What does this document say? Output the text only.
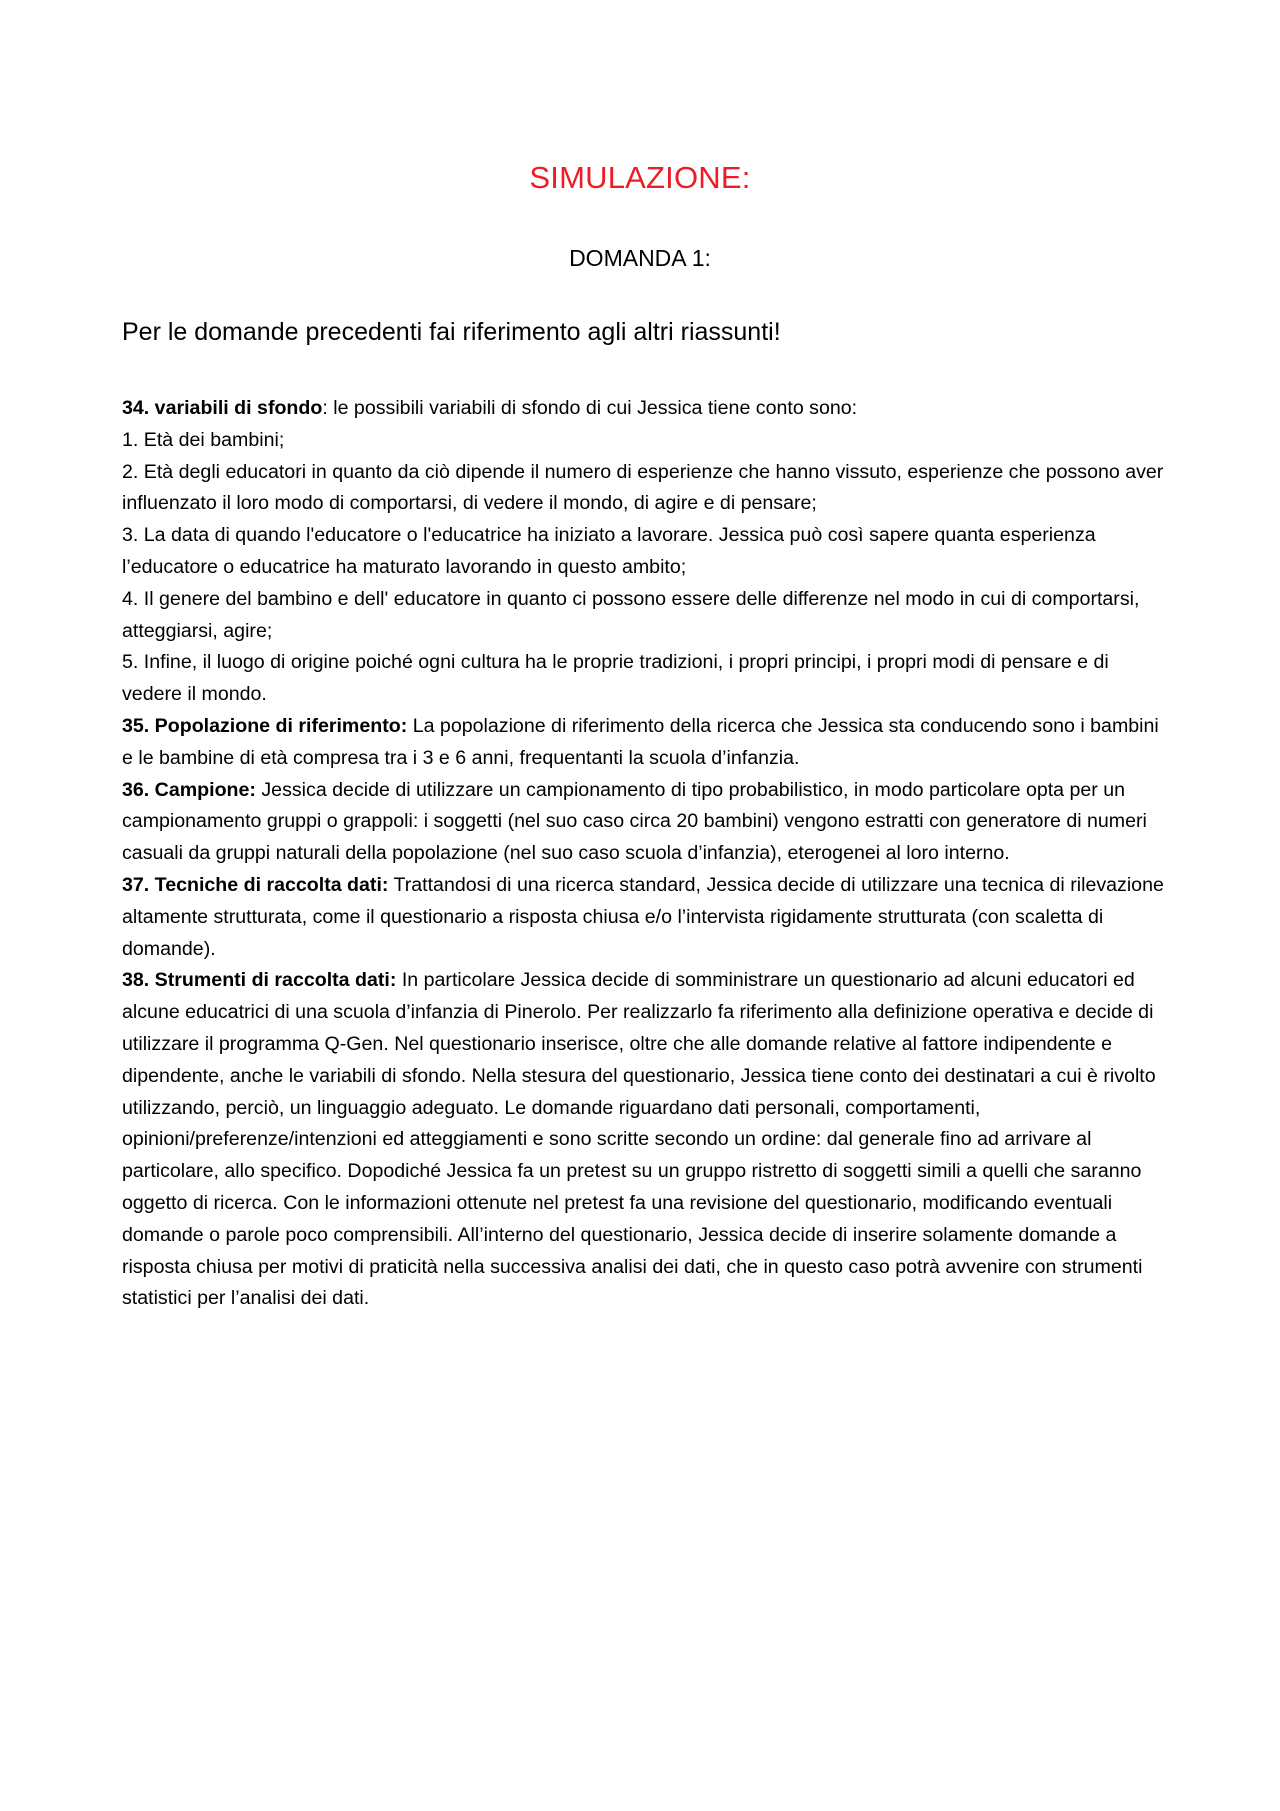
SIMULAZIONE:
DOMANDA 1:
Per le domande precedenti fai riferimento agli altri riassunti!

34. variabili di sfondo: le possibili variabili di sfondo di cui Jessica tiene conto sono:
1. Età dei bambini;
2. Età degli educatori in quanto da ciò dipende il numero di esperienze che hanno vissuto, esperienze che possono aver influenzato il loro modo di comportarsi, di vedere il mondo, di agire e di pensare;
3. La data di quando l'educatore o l'educatrice ha iniziato a lavorare. Jessica può così sapere quanta esperienza l’educatore o educatrice ha maturato lavorando in questo ambito;
4. Il genere del bambino e dell' educatore in quanto ci possono essere delle differenze nel modo in cui di comportarsi, atteggiarsi, agire;
5. Infine, il luogo di origine poiché ogni cultura ha le proprie tradizioni, i propri principi, i propri modi di pensare e di vedere il mondo.

35. Popolazione di riferimento: La popolazione di riferimento della ricerca che Jessica sta conducendo sono i bambini e le bambine di età compresa tra i 3 e 6 anni, frequentanti la scuola d’infanzia.

36. Campione: Jessica decide di utilizzare un campionamento di tipo probabilistico, in modo particolare opta per un campionamento gruppi o grappoli: i soggetti (nel suo caso circa 20 bambini) vengono estratti con generatore di numeri casuali da gruppi naturali della popolazione (nel suo caso scuola d’infanzia), eterogenei al loro interno.

37. Tecniche di raccolta dati: Trattandosi di una ricerca standard, Jessica decide di utilizzare una tecnica di rilevazione altamente strutturata, come il questionario a risposta chiusa e/o l’intervista rigidamente strutturata (con scaletta di domande).

38. Strumenti di raccolta dati: In particolare Jessica decide di somministrare un questionario ad alcuni educatori ed alcune educatrici di una scuola d’infanzia di Pinerolo. Per realizzarlo fa riferimento alla definizione operativa e decide di utilizzare il programma Q-Gen. Nel questionario inserisce, oltre che alle domande relative al fattore indipendente e dipendente, anche le variabili di sfondo. Nella stesura del questionario, Jessica tiene conto dei destinatari a cui è rivolto utilizzando, perciò, un linguaggio adeguato. Le domande riguardano dati personali, comportamenti, opinioni/preferenze/intenzioni ed atteggiamenti e sono scritte secondo un ordine: dal generale fino ad arrivare al particolare, allo specifico. Dopodiché Jessica fa un pretest su un gruppo ristretto di soggetti simili a quelli che saranno oggetto di ricerca. Con le informazioni ottenute nel pretest fa una revisione del questionario, modificando eventuali domande o parole poco comprensibili. All’interno del questionario, Jessica decide di inserire solamente domande a risposta chiusa per motivi di praticità nella successiva analisi dei dati, che in questo caso potrà avvenire con strumenti statistici per l’analisi dei dati.
